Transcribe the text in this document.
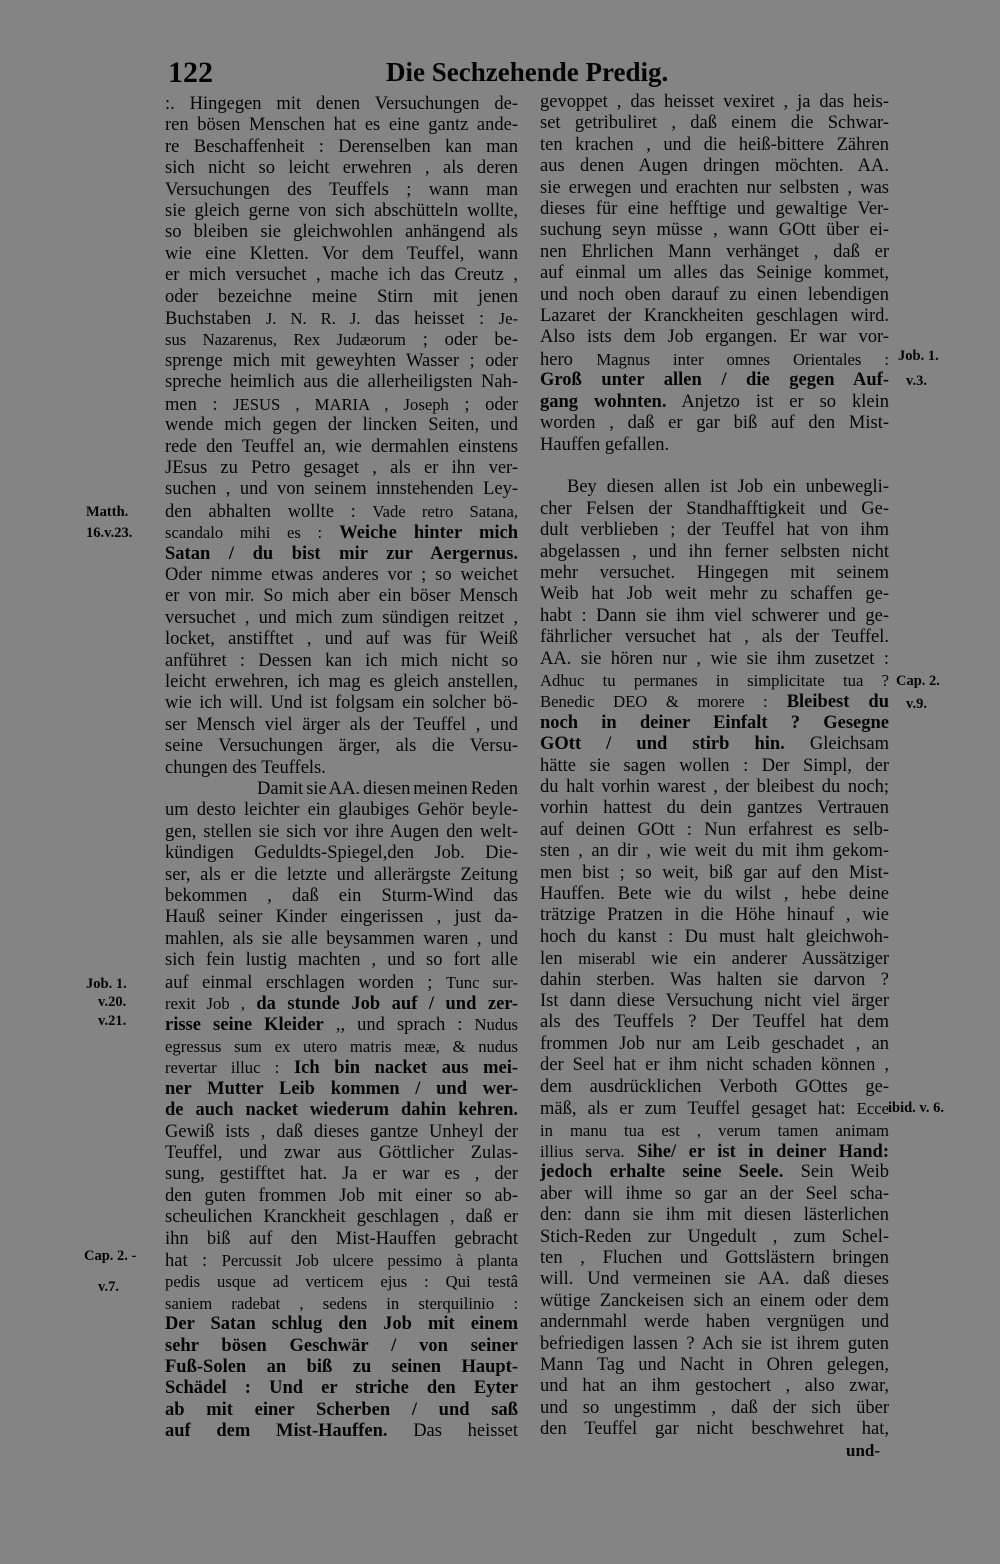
122	Die Sechzehende Predig.
:. Hingegen mit denen Versuchungen de-
ren bösen Menschen hat es eine gantz ande-
re Beschaffenheit : Derenselben kan man
sich nicht so leicht erwehren , als deren
Versuchungen des Teuffels ; wann man
sie gleich gerne von sich abschütteln wollte,
so bleiben sie gleichwohlen anhängend als
wie eine Kletten. Vor dem Teuffel, wann
er mich versuchet , mache ich das Creutz ,
oder bezeichne meine Stirn mit jenen
Buchstaben J. N. R. J. das heisset : Je-
sus Nazarenus, Rex Judæorum ; oder be-
sprenge mich mit geweyhten Wasser ; oder
spreche heimlich aus die allerheiligsten Nah-
men : JESUS , MARIA , Joseph ; oder
wende mich gegen der lincken Seiten, und
rede den Teuffel an, wie dermahlen einstens
JEsus zu Petro gesaget , als er ihn ver-
suchen , und von seinem innstehenden Ley-
den abhalten wollte : Vade retro Satana,
scandalo mihi es : Weiche hinter mich
Satan / du bist mir zur Aergernus.
Oder nimme etwas anderes vor ; so weichet
er von mir. So mich aber ein böser Mensch
versuchet , und mich zum sündigen reitzet ,
locket, anstifftet , und auf was für Weiß
anführet : Dessen kan ich mich nicht so
leicht erwehren, ich mag es gleich anstellen,
wie ich will. Und ist folgsam ein solcher bö-
ser Mensch viel ärger als der Teuffel , und
seine Versuchungen ärger, als die Versu-
chungen des Teuffels.
Damit sie AA. diesen meinen Reden
um desto leichter ein glaubiges Gehör beyle-
gen, stellen sie sich vor ihre Augen den welt-
kündigen Geduldts-Spiegel,den Job. Die-
ser, als er die letzte und allerärgste Zeitung
bekommen , daß ein Sturm-Wind das
Hauß seiner Kinder eingerissen , just da-
mahlen, als sie alle beysammen waren , und
sich fein lustig machten , und so fort alle
auf einmal erschlagen worden ; Tunc sur-
rexit Job , da stunde Job auf / und zer-
risse seine Kleider ,, und sprach : Nudus
egressus sum ex utero matris meæ, & nudus
revertar illuc : Ich bin nacket aus mei-
ner Mutter Leib kommen / und wer-
de auch nacket wiederum dahin kehren.
Gewiß ists , daß dieses gantze Unheyl der
Teuffel, und zwar aus Göttlicher Zulas-
sung, gestifftet hat. Ja er war es , der
den guten frommen Job mit einer so ab-
scheulichen Kranckheit geschlagen , daß er
ihn biß auf den Mist-Hauffen gebracht
hat : Percussit Job ulcere pessimo à planta
pedis usque ad verticem ejus : Qui testâ
saniem radebat , sedens in sterquilinio :
Der Satan schlug den Job mit einem
sehr bösen Geschwär / von seiner
Fuß-Solen an biß zu seinen Haupt-
Schädel : Und er striche den Eyter
ab mit einer Scherben / und saß
auf dem Mist-Hauffen. Das heisset
gevoppet , das heisset vexiret , ja das heis-
set getribuliret , daß einem die Schwar-
ten krachen , und die heiß-bittere Zähren
aus denen Augen dringen möchten. AA.
sie erwegen und erachten nur selbsten , was
dieses für eine hefftige und gewaltige Ver-
suchung seyn müsse , wann GOtt über ei-
nen Ehrlichen Mann verhänget , daß er
auf einmal um alles das Seinige kommet,
und noch oben darauf zu einen lebendigen
Lazaret der Kranckheiten geschlagen wird.
Also ists dem Job ergangen. Er war vor-
hero Magnus inter omnes Orientales :
Groß unter allen / die gegen Auf-
gang wohnten. Anjetzo ist er so klein
worden , daß er gar biß auf den Mist-
Hauffen gefallen.
Bey diesen allen ist Job ein unbewegli-
cher Felsen der Standhafftigkeit und Ge-
dult verblieben ; der Teuffel hat von ihm
abgelassen , und ihn ferner selbsten nicht
mehr versuchet. Hingegen mit seinem
Weib hat Job weit mehr zu schaffen ge-
habt : Dann sie ihm viel schwerer und ge-
fährlicher versuchet hat , als der Teuffel.
AA. sie hören nur , wie sie ihm zusetzet :
Adhuc tu permanes in simplicitate tua ?
Benedic DEO & morere : Bleibest du
noch in deiner Einfalt ? Gesegne
GOtt / und stirb hin. Gleichsam
hätte sie sagen wollen : Der Simpl, der
du halt vorhin warest , der bleibest du noch;
vorhin hattest du dein gantzes Vertrauen
auf deinen GOtt : Nun erfahrest es selb-
sten , an dir , wie weit du mit ihm gekom-
men bist ; so weit, biß gar auf den Mist-
Hauffen. Bete wie du wilst , hebe deine
trätzige Pratzen in die Höhe hinauf , wie
hoch du kanst : Du must halt gleichwoh-
len miserabl wie ein anderer Aussätziger
dahin sterben. Was halten sie darvon ?
Ist dann diese Versuchung nicht viel ärger
als des Teuffels ? Der Teuffel hat dem
frommen Job nur am Leib geschadet , an
der Seel hat er ihm nicht schaden können ,
dem ausdrücklichen Verboth GOttes ge-
mäß, als er zum Teuffel gesaget hat: Ecce
in manu tua est , verum tamen animam
illius serva. Sihe/ er ist in deiner Hand:
jedoch erhalte seine Seele. Sein Weib
aber will ihme so gar an der Seel scha-
den: dann sie ihm mit diesen lästerlichen
Stich-Reden zur Ungedult , zum Schel-
ten , Fluchen und Gottslästern bringen
will. Und vermeinen sie AA. daß dieses
wütige Zanckeisen sich an einem oder dem
andernmahl werde haben vergnügen und
befriedigen lassen ? Ach sie ist ihrem guten
Mann Tag und Nacht in Ohren gelegen,
und hat an ihm gestochert , also zwar,
und so ungestimm , daß der sich über
den Teuffel gar nicht beschwehret hat,
Matth.
16.v.23.
Job. 1.
v.20.
v.21.
Cap. 2. -
v.7.
Job. 1.
v.3.
Cap. 2.
v.9.
ibid. v. 6.
und-
